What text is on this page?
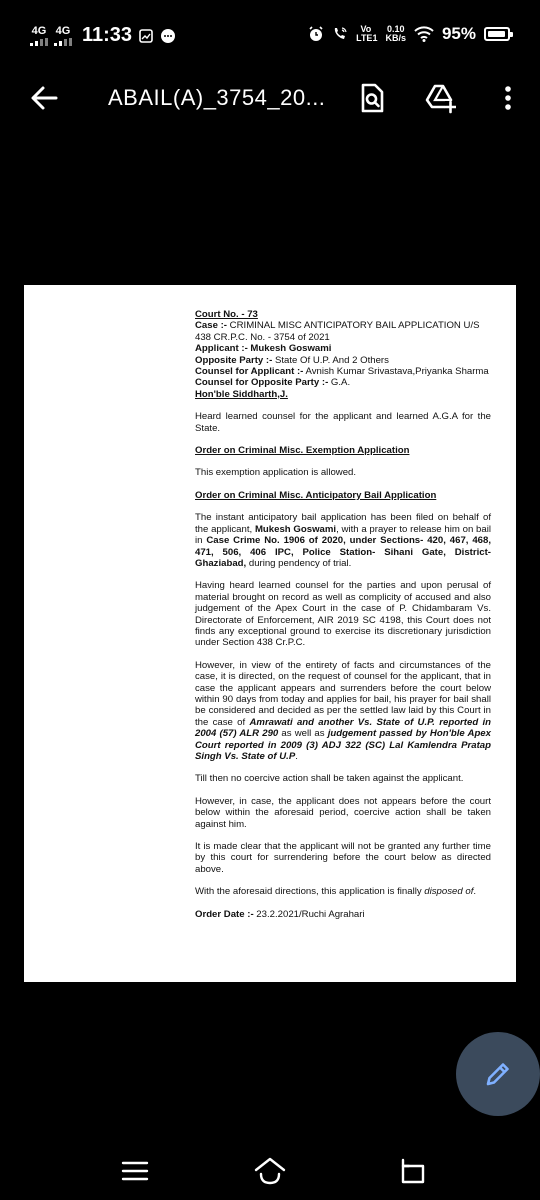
4G 4G 11:33	Vo 
LTE1
0.10
KB/s 95%
ABAIL(A)_3754_20...

Court No. - 73

Case :- CRIMINAL MISC ANTICIPATORY BAIL APPLICATION U/S 438 CR.P.C. No. - 3754 of 2021

Applicant :- Mukesh Goswami

Opposite Party :- State Of U.P. And 2 Others

Counsel for Applicant :- Avnish Kumar Srivastava,Priyanka Sharma

Counsel for Opposite Party :- G.A.

Hon'ble Siddharth,J.

Heard learned counsel for the applicant and learned A.G.A for the State.

Order on Criminal Misc. Exemption Application

This exemption application is allowed.

Order on Criminal Misc. Anticipatory Bail Application

The instant anticipatory bail application has been filed on behalf of the applicant, Mukesh Goswami, with a prayer to release him on bail in Case Crime No. 1906 of 2020, under Sections- 420, 467, 468, 471, 506, 406 IPC, Police Station- Sihani Gate, District- Ghaziabad, during pendency of trial.

Having heard learned counsel for the parties and upon perusal of material brought on record as well as complicity of accused and also judgement of the Apex Court in the case of P. Chidambaram Vs. Directorate of Enforcement, AIR 2019 SC 4198, this Court does not finds any exceptional ground to exercise its discretionary jurisdiction under Section 438 Cr.P.C.

However, in view of the entirety of facts and circumstances of the case, it is directed, on the request of counsel for the applicant, that in case the applicant appears and surrenders before the court below within 90 days from today and applies for bail, his prayer for bail shall be considered and decided as per the settled law laid by this Court in the case of Amrawati and another Vs. State of U.P. reported in 2004 (57) ALR 290 as well as judgement passed by Hon'ble Apex Court reported in 2009 (3) ADJ 322 (SC) Lal Kamlendra Pratap Singh Vs. State of U.P.

Till then no coercive action shall be taken against the applicant.

However, in case, the applicant does not appears before the court below within the aforesaid period, coercive action shall be taken against him.

It is made clear that the applicant will not be granted any further time by this court for surrendering before the court below as directed above.

With the aforesaid directions, this application is finally disposed of.

Order Date :- 23.2.2021/Ruchi Agrahari
